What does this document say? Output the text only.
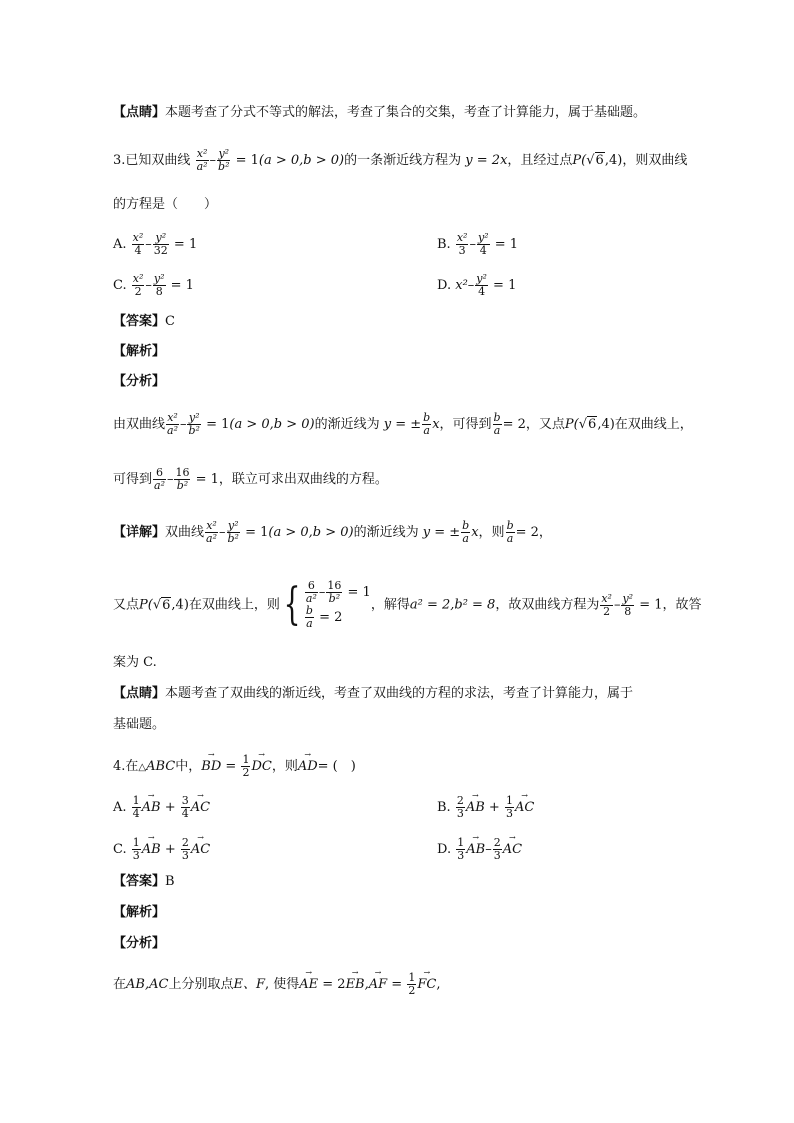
【点睛】本题考查了分式不等式的解法，考查了集合的交集，考查了计算能力，属于基础题。
3.已知双曲线 $\frac{\text{x²}}{\text{a²}} - \frac{\text{y²}}{\text{b²}} = 1(a > 0,b > 0)$的一条渐近线方程为 y = 2x，且经过点P(√6,4)，则双曲线
的方程是（　　）
A. $\frac{\text{x²}}{4} - \frac{\text{y²}}{32} = 1$	B. $\frac{\text{x²}}{3} - \frac{\text{y²}}{4} = 1$
C. $\frac{\text{x²}}{2} - \frac{\text{y²}}{8} = 1$	D. $x^2- \frac{\text{y²}}{4} = 1$
【答案】C
【解析】
【分析】
由双曲线 $\frac{\text{x²}}{\text{a²}} - \frac{\text{y²}}{\text{b²}} = 1(a > 0,b > 0)$的渐近线为 y = ± $\frac{b}{a}$ x，可得到 $\frac{b}{a} = 2$，又点P(√6,4)在双曲线上，
可得到 $\frac{6}{\text{a²}} - \frac{16}{\text{b²}} = 1$，联立可求出双曲线的方程。
【详解】双曲线 $\frac{\text{x²}}{\text{a²}} - \frac{\text{y²}}{\text{b²}} = 1(a > 0,b > 0)$的渐近线为 y = ± $\frac{b}{a}$ x，则 $\frac{b}{a} = 2$，
又点P(√6,4)在双曲线上，则{ $\frac{6}{\text{a²}} - \frac{16}{\text{b²}} = 1$
$\frac{b}{a} = 2$
，解得a² = 2,b² = 8，故双曲线方程为 $\frac{\text{x²}}{2} - \frac{\text{y²}}{8} = 1$，故答
案为 C.
【点睛】本题考查了双曲线的渐近线，考查了双曲线的方程的求法，考查了计算能力，属于
基础题。
4.在△ABC中，→ BD = $\frac{1}{2}$
→ DC，则→ AD= (　)
A. $\frac{1}{4}$
→ AB + $\frac{3}{4}$
→ AC	B. $\frac{2}{3}$
→ AB + $\frac{1}{3}$
→ AC
C. $\frac{1}{3}$
→ AB + $\frac{2}{3}$
→ AC	D. $\frac{1}{3}$
→ $AB- \frac{2}{3}$
→ AC
【答案】B
【解析】
【分析】
在AB,AC上分别取点E、F, 使得→ AE = 2→ EB,→ AF = $\frac{1}{2}$
→ FC,
